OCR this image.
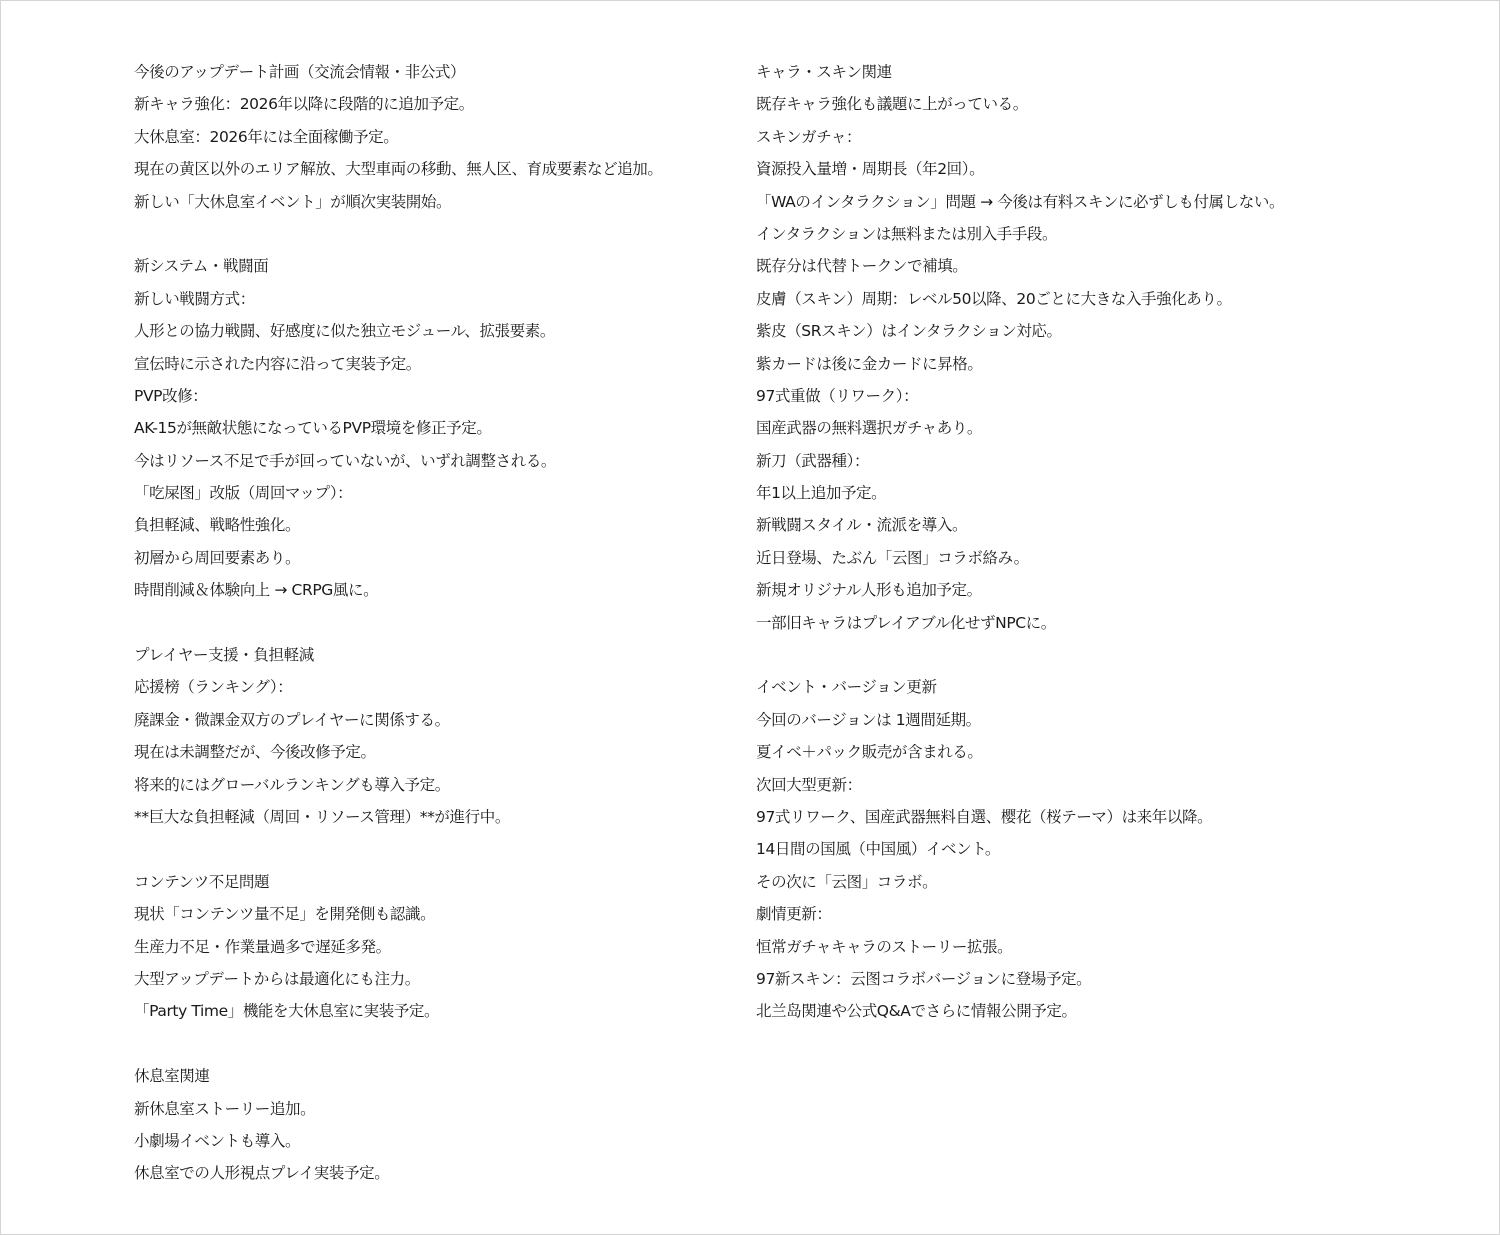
今後のアップデート計画（交流会情報・非公式）
新キャラ強化：2026年以降に段階的に追加予定。
大休息室：2026年には全面稼働予定。
現在の黄区以外のエリア解放、大型車両の移動、無人区、育成要素など追加。
新しい「大休息室イベント」が順次実装開始。
新システム・戦闘面
新しい戦闘方式：
人形との協力戦闘、好感度に似た独立モジュール、拡張要素。
宣伝時に示された内容に沿って実装予定。
PVP改修：
AK-15が無敵状態になっているPVP環境を修正予定。
今はリソース不足で手が回っていないが、いずれ調整される。
「吃屎图」改版（周回マップ）：
負担軽減、戦略性強化。
初層から周回要素あり。
時間削減＆体験向上 → CRPG風に。
プレイヤー支援・負担軽減
応援榜（ランキング）：
廃課金・微課金双方のプレイヤーに関係する。
現在は未調整だが、今後改修予定。
将来的にはグローバルランキングも導入予定。
**巨大な負担軽減（周回・リソース管理）**が進行中。
コンテンツ不足問題
現状「コンテンツ量不足」を開発側も認識。
生産力不足・作業量過多で遅延多発。
大型アップデートからは最適化にも注力。
「Party Time」機能を大休息室に実装予定。
休息室関連
新休息室ストーリー追加。
小劇場イベントも導入。
休息室での人形視点プレイ実装予定。
キャラ・スキン関連
既存キャラ強化も議題に上がっている。
スキンガチャ：
資源投入量増・周期長（年2回）。
「WAのインタラクション」問題 → 今後は有料スキンに必ずしも付属しない。
インタラクションは無料または別入手手段。
既存分は代替トークンで補填。
皮膚（スキン）周期：レベル50以降、20ごとに大きな入手強化あり。
紫皮（SRスキン）はインタラクション対応。
紫カードは後に金カードに昇格。
97式重做（リワーク）：
国産武器の無料選択ガチャあり。
新刀（武器種）：
年1以上追加予定。
新戦闘スタイル・流派を導入。
近日登場、たぶん「云图」コラボ絡み。
新規オリジナル人形も追加予定。
一部旧キャラはプレイアブル化せずNPCに。
イベント・バージョン更新
今回のバージョンは 1週間延期。
夏イベ＋パック販売が含まれる。
次回大型更新：
97式リワーク、国産武器無料自選、樱花（桜テーマ）は来年以降。
14日間の国風（中国風）イベント。
その次に「云图」コラボ。
劇情更新：
恒常ガチャキャラのストーリー拡張。
97新スキン：云图コラボバージョンに登場予定。
北兰岛関連や公式Q&Aでさらに情報公開予定。
